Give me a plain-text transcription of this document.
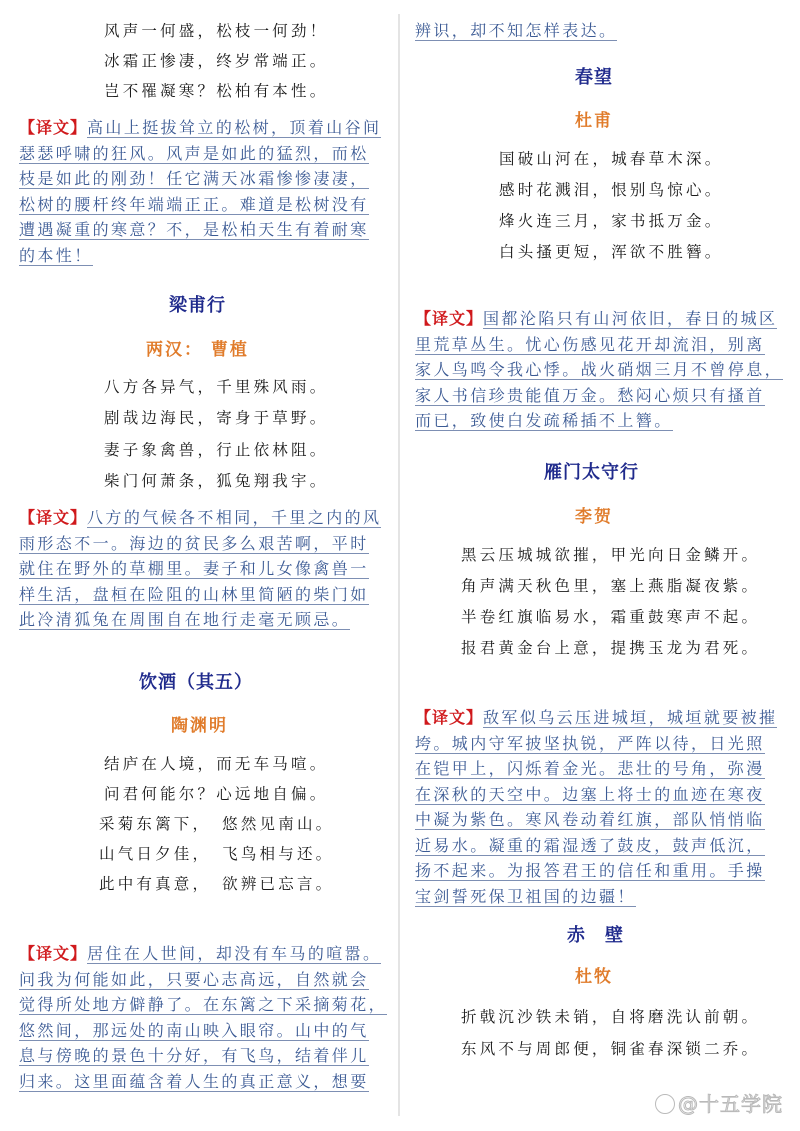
风声一何盛，松枝一何劲！
冰霜正惨凄，终岁常端正。
岂不罹凝寒？松柏有本性。
【译文】高山上挺拔耸立的松树，顶着山谷间
瑟瑟呼啸的狂风。风声是如此的猛烈，而松
枝是如此的刚劲！任它满天冰霜惨惨凄凄，
松树的腰杆终年端端正正。难道是松树没有
遭遇凝重的寒意？不，是松柏天生有着耐寒
的本性！
梁甫行
两汉： 曹植
八方各异气，千里殊风雨。
剧哉边海民，寄身于草野。
妻子象禽兽，行止依林阻。
柴门何萧条，狐兔翔我宇。
【译文】八方的气候各不相同，千里之内的风
雨形态不一。海边的贫民多么艰苦啊，平时
就住在野外的草棚里。妻子和儿女像禽兽一
样生活，盘桓在险阻的山林里简陋的柴门如
此冷清狐兔在周围自在地行走毫无顾忌。
饮酒（其五）
陶渊明
结庐在人境，而无车马喧。
问君何能尔？心远地自偏。
采菊东篱下，　悠然见南山。
山气日夕佳，　飞鸟相与还。
此中有真意，　欲辨已忘言。
【译文】居住在人世间，却没有车马的喧嚣。
问我为何能如此，只要心志高远，自然就会
觉得所处地方僻静了。在东篱之下采摘菊花，
悠然间，那远处的南山映入眼帘。山中的气
息与傍晚的景色十分好，有飞鸟，结着伴儿
归来。这里面蕴含着人生的真正意义，想要
辨识，却不知怎样表达。
春望
杜甫
国破山河在，城春草木深。
感时花溅泪，恨别鸟惊心。
烽火连三月，家书抵万金。
白头搔更短，浑欲不胜簪。
【译文】国都沦陷只有山河依旧，春日的城区
里荒草丛生。忧心伤感见花开却流泪，别离
家人鸟鸣令我心悸。战火硝烟三月不曾停息，
家人书信珍贵能值万金。愁闷心烦只有搔首
而已，致使白发疏稀插不上簪。
雁门太守行
李贺
黑云压城城欲摧，甲光向日金鳞开。
角声满天秋色里，塞上燕脂凝夜紫。
半卷红旗临易水，霜重鼓寒声不起。
报君黄金台上意，提携玉龙为君死。
【译文】敌军似乌云压进城垣，城垣就要被摧
垮。城内守军披坚执锐，严阵以待，日光照
在铠甲上，闪烁着金光。悲壮的号角，弥漫
在深秋的天空中。边塞上将士的血迹在寒夜
中凝为紫色。寒风卷动着红旗，部队悄悄临
近易水。凝重的霜湿透了鼓皮，鼓声低沉，
扬不起来。为报答君王的信任和重用。手操
宝剑誓死保卫祖国的边疆！
赤　壁
杜牧
折戟沉沙铁未销，自将磨洗认前朝。
东风不与周郎便，铜雀春深锁二乔。
@十五学院
